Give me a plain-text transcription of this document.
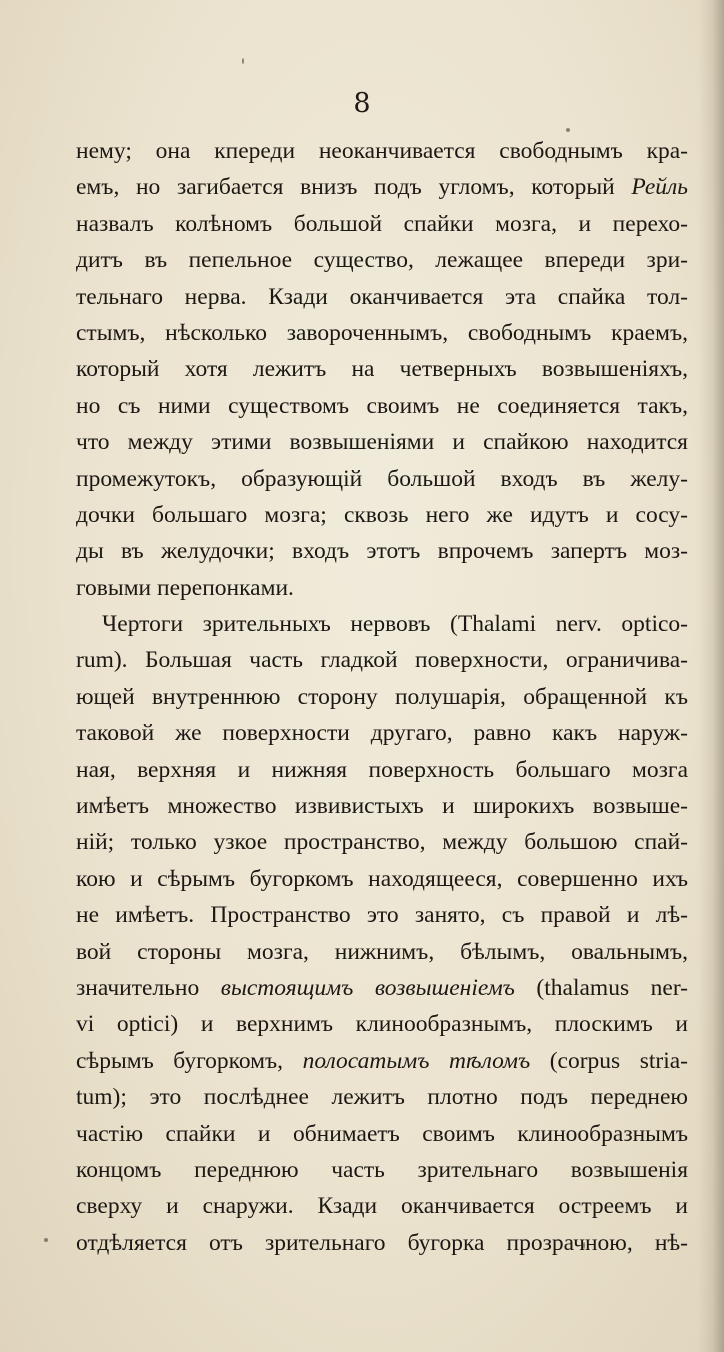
8
нему; она кпереди неоканчивается свободнымъ кра-
емъ, но загибается внизъ подъ угломъ, который Рейль
назвалъ колѣномъ большой спайки мозга, и перехо-
дитъ въ пепельное существо, лежащее впереди зри-
тельнаго нерва. Кзади оканчивается эта спайка тол-
стымъ, нѣсколько завороченнымъ, свободнымъ краемъ,
который хотя лежитъ на четверныхъ возвышеніяхъ,
но съ ними существомъ своимъ не соединяется такъ,
что между этими возвышеніями и спайкою находится
промежутокъ, образующій большой входъ въ желу-
дочки большаго мозга; сквозь него же идутъ и сосу-
ды въ желудочки; входъ этотъ впрочемъ запертъ моз-
говыми перепонками.
Чертоги зрительныхъ нервовъ (Thalami nerv. optico-
rum). Большая часть гладкой поверхности, ограничива-
ющей внутреннюю сторону полушарія, обращенной къ
таковой же поверхности другаго, равно какъ наруж-
ная, верхняя и нижняя поверхность большаго мозга
имѣетъ множество извивистыхъ и широкихъ возвыше-
ній; только узкое пространство, между большою спай-
кою и сѣрымъ бугоркомъ находящееся, совершенно ихъ
не имѣетъ. Пространство это занято, съ правой и лѣ-
вой стороны мозга, нижнимъ, бѣлымъ, овальнымъ,
значительно выстоящимъ возвышеніемъ (thalamus ner-
vi optici) и верхнимъ клинообразнымъ, плоскимъ и
сѣрымъ бугоркомъ, полосатымъ тѣломъ (corpus stria-
tum); это послѣднее лежитъ плотно подъ переднею
частію спайки и обнимаетъ своимъ клинообразнымъ
концомъ переднюю часть зрительнаго возвышенія
сверху и снаружи. Кзади оканчивается остреемъ и
отдѣляется отъ зрительнаго бугорка прозрачною, нѣ-
